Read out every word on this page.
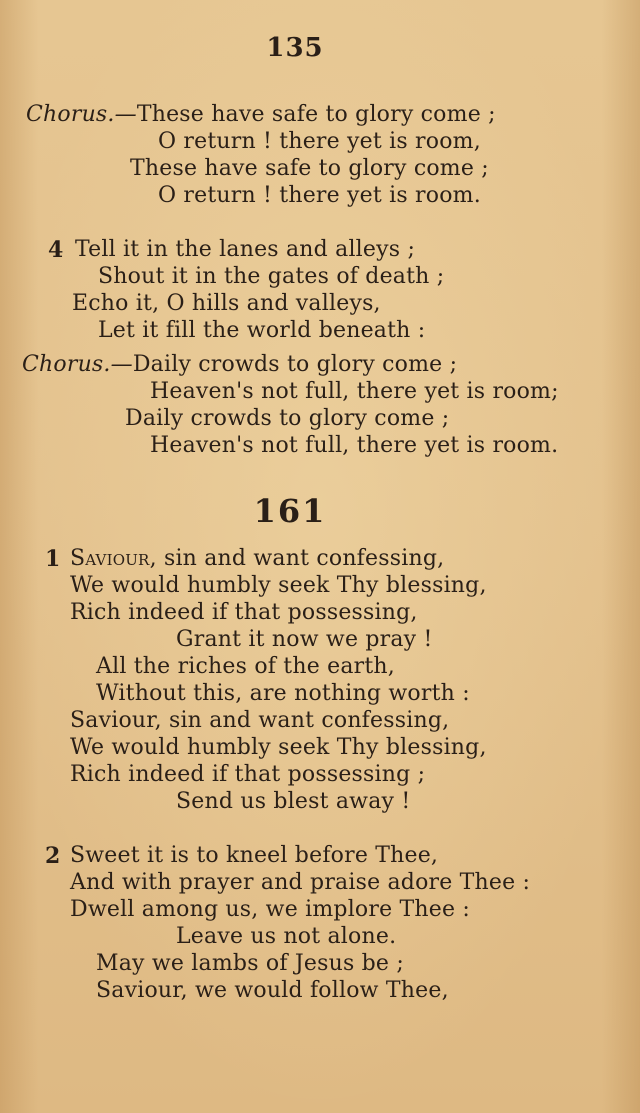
135
Chorus.—These have safe to glory come ;
O return ! there yet is room,
These have safe to glory come ;
O return ! there yet is room.
4 Tell it in the lanes and alleys ;
Shout it in the gates of death ;
Echo it, O hills and valleys,
Let it fill the world beneath :
Chorus.—Daily crowds to glory come ;
Heaven's not full, there yet is room;
Daily crowds to glory come ;
Heaven's not full, there yet is room.
161
1 Saviour, sin and want confessing,
We would humbly seek Thy blessing,
Rich indeed if that possessing,
Grant it now we pray !
All the riches of the earth,
Without this, are nothing worth :
Saviour, sin and want confessing,
We would humbly seek Thy blessing,
Rich indeed if that possessing ;
Send us blest away !
2 Sweet it is to kneel before Thee,
And with prayer and praise adore Thee :
Dwell among us, we implore Thee :
Leave us not alone.
May we lambs of Jesus be ;
Saviour, we would follow Thee,
